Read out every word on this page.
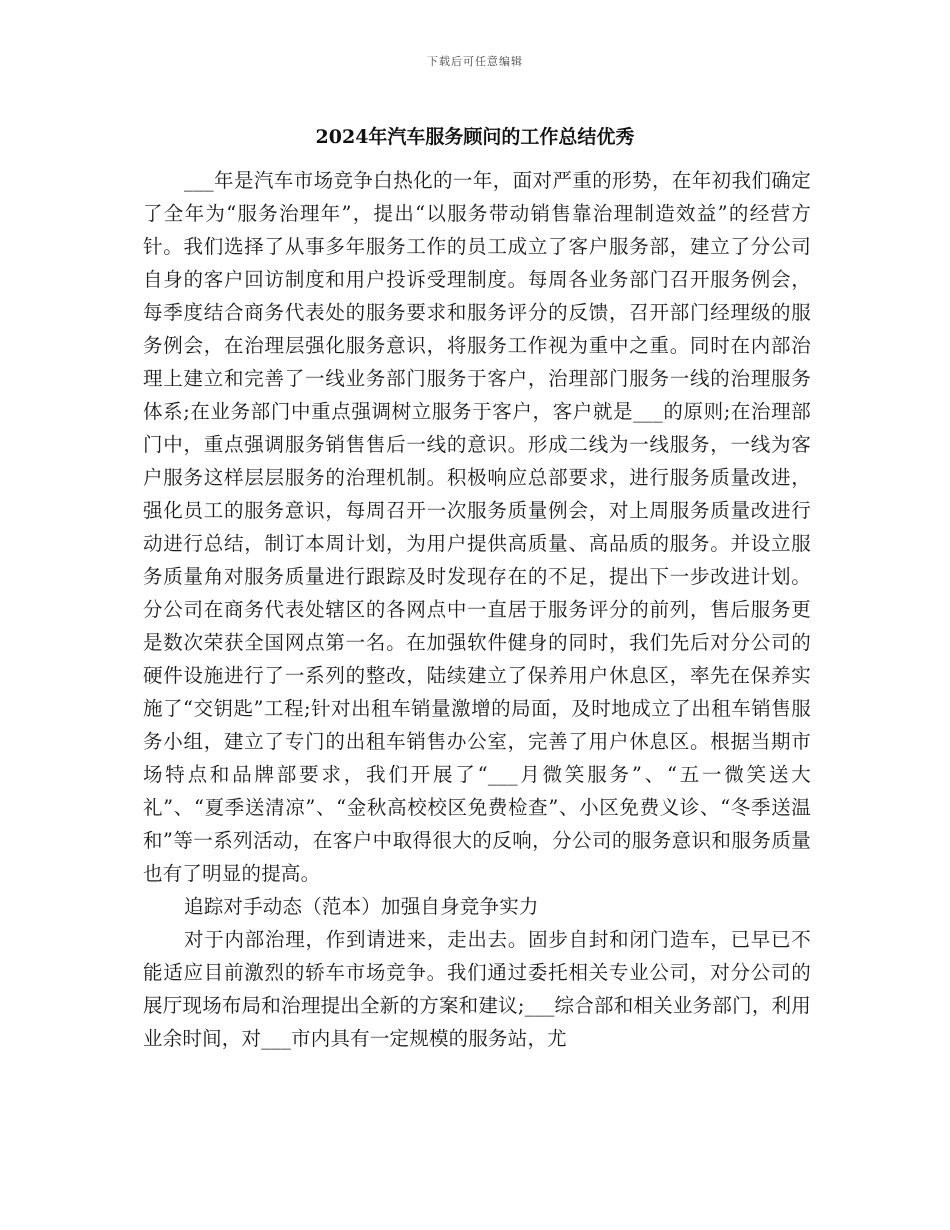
下载后可任意编辑
2024年汽车服务顾问的工作总结优秀

___年是汽车市场竞争白热化的一年，面对严重的形势，在年初我们确定了全年为“服务治理年”，提出“以服务带动销售靠治理制造效益”的经营方针。我们选择了从事多年服务工作的员工成立了客户服务部，建立了分公司自身的客户回访制度和用户投诉受理制度。每周各业务部门召开服务例会，每季度结合商务代表处的服务要求和服务评分的反馈，召开部门经理级的服务例会，在治理层强化服务意识，将服务工作视为重中之重。同时在内部治理上建立和完善了一线业务部门服务于客户，治理部门服务一线的治理服务体系;在业务部门中重点强调树立服务于客户，客户就是___的原则;在治理部门中，重点强调服务销售售后一线的意识。形成二线为一线服务，一线为客户服务这样层层服务的治理机制。积极响应总部要求，进行服务质量改进，强化员工的服务意识，每周召开一次服务质量例会，对上周服务质量改进行动进行总结，制订本周计划，为用户提供高质量、高品质的服务。并设立服务质量角对服务质量进行跟踪及时发现存在的不足，提出下一步改进计划。分公司在商务代表处辖区的各网点中一直居于服务评分的前列，售后服务更是数次荣获全国网点第一名。在加强软件健身的同时，我们先后对分公司的硬件设施进行了一系列的整改，陆续建立了保养用户休息区，率先在保养实施了“交钥匙”工程;针对出租车销量激增的局面，及时地成立了出租车销售服务小组，建立了专门的出租车销售办公室，完善了用户休息区。根据当期市场特点和品牌部要求，我们开展了“___月微笑服务”、“五一微笑送大礼”、“夏季送清凉”、“金秋高校校区免费检查”、小区免费义诊、“冬季送温和”等一系列活动，在客户中取得很大的反响，分公司的服务意识和服务质量也有了明显的提高。

追踪对手动态（范本）加强自身竞争实力

对于内部治理，作到请进来，走出去。固步自封和闭门造车，已早已不能适应目前激烈的轿车市场竞争。我们通过委托相关专业公司，对分公司的展厅现场布局和治理提出全新的方案和建议;___综合部和相关业务部门，利用业余时间，对___市内具有一定规模的服务站，尤
